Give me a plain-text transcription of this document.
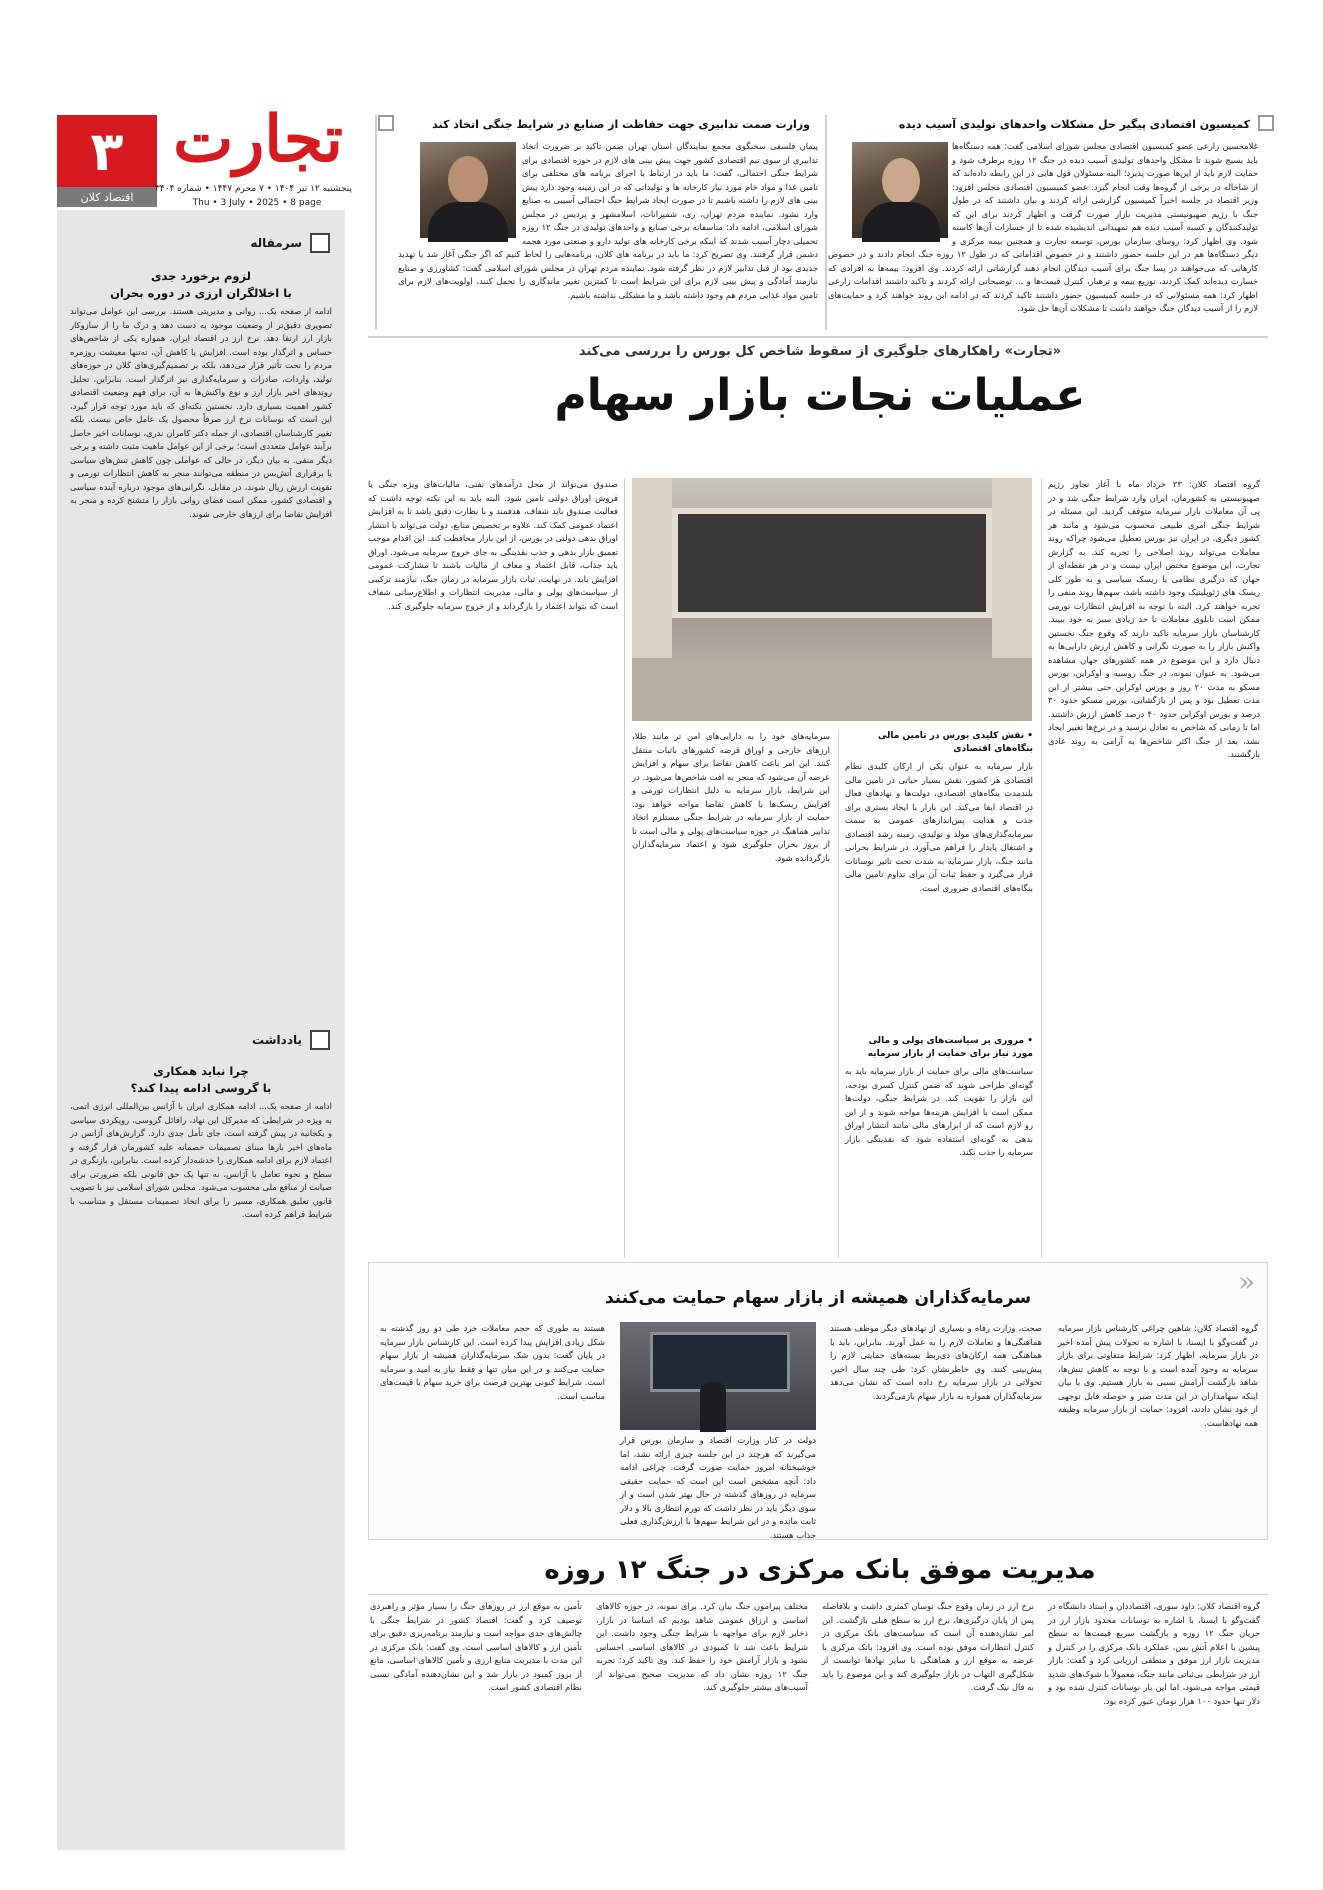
۳
اقتصاد کلان
تجارت
پنجشنبه ۱۲ تیر ۱۴۰۴ • ۷ محرم ۱۴۴۷ • شماره ۳۴۰۴
Thu • 3 July • 2025 • 8 page
کمیسیون اقتصادی پیگیر حل مشکلات واحدهای تولیدی آسیب دیده
غلامحسین زارعی عضو کمیسیون اقتصادی مجلس شورای اسلامی گفت: همه دستگاه‌ها باید بسیج شوند تا مشکل واحدهای تولیدی آسیب دیده در جنگ ۱۲ روزه برطرف شود و حمایت لازم باید از این‌ها صورت پذیرد؛ البته مسئولان قول هایی در این رابطه داده‌اند که از شاخاله در برخی از گروه‌ها وقت انجام گیرد. عضو کمیسیون اقتصادی مجلس افزود: وزیر اقتصاد در جلسه اخیراً کمیسیون گزارشی ارائه کردند و بیان داشتند که در طول جنگ با رژیم صهیونیستی مدیریت بازار صورت گرفت و اظهار کردند برای این که تولیدکنندگان و کسبه آسیب دیده هم تمهیداتی اندیشیده شده تا از خسارات آن‌ها کاسته شود. وی اظهار کرد: روسای سازمان بورس، توسعه تجارت و همچنین بیمه مرکزی و دیگر دستگاه‌ها هم در این جلسه حضور داشتند و در خصوص اقداماتی که در طول ۱۲ روزه جنگ انجام دادند و در خصوص کارهایی که می‌خواهند در پسا جنگ برای آسیب دیدگان انجام دهند گزارشاتی ارائه کردند. وی افزود: بیمه‌ها به افرادی که خسارت دیده‌اند کمک کردند، توزیع بیمه و ترهبار، کنترل قیمت‌ها و ... توضیحاتی ارائه کردند و تاکید داشتند اقدامات زارعی اظهار کرد: همه مسئولانی که در جلسه کمیسیون حضور داشتند تاکید کردند که در ادامه این روند خواهند کرد و حمایت‌های لازم را از آسیب دیدگان جنگ خواهند داشت تا مشکلات آن‌ها حل شود.
وزارت صمت تدابیری جهت حفاظت از صنایع در شرایط جنگی اتخاذ کند
پیمان فلسفی سخنگوی مجمع نمایندگان استان تهران ضمن تاکید بر ضرورت اتخاذ تدابیری از سوی تیم اقتصادی کشور جهت پیش بینی های لازم در حوزه اقتصادی برای شرایط جنگی احتمالی، گفت: ما باید در ارتباط با اجرای برنامه های مختلفی برای تامین غذا و مواد خام مورد نیاز کارخانه ها و تولیداتی که در این زمینه وجود دارد پیش بینی های لازم را داشته باشیم تا در صورت ایجاد شرایط جنگ احتمالی آسیبی به صنایع وارد نشود. نماینده مردم تهران، ری، شمیرانات، اسلامشهر و پردیس در مجلس شورای اسلامی، ادامه داد: متاسفانه برخی صنایع و واحدهای تولیدی در جنگ ۱۲ روزه تحمیلی دچار آسیب شدند که اینکه برخی کارخانه های تولید دارو و صنعتی مورد هجمه دشمن قرار گرفتند. وی تصریح کرد: ما باید در برنامه های کلان، برنامه‌هایی را لحاظ کنیم که اگر جنگی آغاز شد یا تهدید جدیدی بود از قبل تدابیر لازم در نظر گرفته شود. نماینده مردم تهران در مجلس شورای اسلامی گفت: کشاورزی و صنایع نیازمند آمادگی و پیش بینی لازم برای این شرایط است تا کمترین تغییر ماندگاری را تحمل کنند، اولویت‌های لازم برای تامین مواد غذایی مردم هم وجود داشته باشد و ما مشکلی نداشته باشیم.
سرمقاله
لزوم برخورد جدی
با اخلالگران ارزی در دوره بحران
ادامه از صفحه یک... روانی و مدیریتی هستند. بررسی این عوامل می‌تواند تصویری دقیق‌تر از وضعیت موجود به دست دهد و درک ما را از سازوکار بازار ارز ارتقا دهد. نرخ ارز در اقتصاد ایران، همواره یکی از شاخص‌های حساس و اثرگذار بوده است. افزایش یا کاهش آن، نه‌تنها معیشت روزمره مردم را تحت تأثیر قرار می‌دهد، بلکه بر تصمیم‌گیری‌های کلان در حوزه‌های تولید، واردات، صادرات و سرمایه‌گذاری نیز اثرگذار است. بنابراین، تحلیل روندهای اخیر بازار ارز و نوع واکنش‌ها به آن، برای فهم وضعیت اقتصادی کشور اهمیت بسیاری دارد. نخستین نکته‌ای که باید مورد توجه قرار گیرد، این است که نوسانات نرخ ارز صرفاً محصول یک عامل خاص نیست. بلکه تغییر کارشناسان اقتصادی، از جمله دکتر کامران ندری، نوسانات اخیر حاصل برآیند عوامل متعددی است؛ برخی از این عوامل ماهیت مثبت داشته و برخی دیگر منفی. به بیان دیگر، در حالی که عواملی چون کاهش تنش‌های سیاسی یا برقراری آتش‌بس در منطقه می‌توانند منجر به کاهش انتظارات تورمی و تقویت ارزش ریال شوند، در مقابل، نگرانی‌های موجود درباره آینده سیاسی و اقتصادی کشور، ممکن است فضای روانی بازار را متشنج کرده و منجر به افزایش تقاضا برای ارزهای خارجی شوند.
یادداشت
چرا نباید همکاری
با گروسی ادامه پیدا کند؟
ادامه از صفحه یک... ادامه همکاری ایران با آژانس بین‌المللی انرژی اتمی، به ویژه در شرایطی که مدیرکل این نهاد، رافائل گروسی، رویکردی سیاسی و یکجانبه در پیش گرفته است، جای تأمل جدی دارد. گزارش‌های آژانس در ماه‌های اخیر بارها مبنای تصمیمات خصمانه علیه کشورمان قرار گرفته و اعتماد لازم برای ادامه همکاری را خدشه‌دار کرده است. بنابراین، بازنگری در سطح و نحوه تعامل با آژانس، نه تنها یک حق قانونی بلکه ضرورتی برای صیانت از منافع ملی محسوب می‌شود. مجلس شورای اسلامی نیز با تصویب قانون تعلیق همکاری، مسیر را برای اتخاذ تصمیمات مستقل و متناسب با شرایط فراهم کرده است.
«تجارت» راهکارهای جلوگیری از سقوط شاخص کل بورس را بررسی می‌کند
عملیات نجات بازار سهام
گروه اقتصاد کلان: ۲۳ خرداد ماه با آغاز تجاوز رژیم صهیونیستی به کشورمان، ایران وارد شرایط جنگی شد و در پی آن معاملات بازار سرمایه متوقف گردید. این مسئله در شرایط جنگی امری طبیعی محسوب می‌شود و مانند هر کشور دیگری، در ایران نیز بورس تعطیل می‌شود چراکه روند معاملات می‌تواند روند اصلاحی را تجربه کند. به گزارش تجارت، این موضوع مختص ایران نیست و در هر نقطه‌ای از جهان که درگیری نظامی یا ریسک سیاسی و به طور کلی ریسک های ژئوپلیتیک وجود داشته باشد، سهم‌ها روند منفی را تجربه خواهند کرد. البته با توجه به افزایش انتظارات تورمی ممکن است تابلوی معاملات تا حد زیادی سبز به خود ببیند. کارشناسان بازار سرمایه تاکید دارند که وقوع جنگ نخستین واکنش بازار را به صورت نگرانی و کاهش ارزش دارایی‌ها به دنبال دارد و این موضوع در همه کشورهای جهان مشاهده می‌شود. به عنوان نمونه، در جنگ روسیه و اوکراین، بورس مسکو به مدت ۲۰ روز و بورس اوکراین حتی بیشتر از این مدت تعطیل بود و پس از بازگشایی، بورس مسکو حدود ۳۰ درصد و بورس اوکراین حدود ۴۰ درصد کاهش ارزش داشتند. اما تا زمانی که شاخص به تعادل نرسید و در نرخ‌ها تغییر ایجاد نشد، بعد از جنگ اکثر شاخص‌ها به آرامی به روند عادی بازگشتند.
• نقش کلیدی بورس در تامین مالی بنگاه‌های اقتصادی
بازار سرمایه به عنوان یکی از ارکان کلیدی نظام اقتصادی هر کشور، نقش بسیار حیاتی در تامین مالی بلندمدت بنگاه‌های اقتصادی، دولت‌ها و نهادهای فعال در اقتصاد ایفا می‌کند. این بازار با ایجاد بستری برای جذب و هدایت پس‌اندازهای عمومی به سمت سرمایه‌گذاری‌های مولد و تولیدی، زمینه رشد اقتصادی و اشتغال پایدار را فراهم می‌آورد. در شرایط بحرانی مانند جنگ، بازار سرمایه به شدت تحت تاثیر نوسانات قرار می‌گیرد و حفظ ثبات آن برای تداوم تامین مالی بنگاه‌های اقتصادی ضروری است.
• مروری بر سیاست‌های پولی و مالی مورد نیاز برای حمایت از بازار سرمایه
سیاست‌های مالی برای حمایت از بازار سرمایه باید به گونه‌ای طراحی شوند که ضمن کنترل کسری بودجه، این بازار را تقویت کند. در شرایط جنگی، دولت‌ها ممکن است با افزایش هزینه‌ها مواجه شوند و از این رو لازم است که از ابزارهای مالی مانند انتشار اوراق بدهی به گونه‌ای استفاده شود که نقدینگی بازار سرمایه را جذب نکند.
سرمایه‌های خود را به دارایی‌های امن تر مانند طلا، ارزهای خارجی و اوراق قرضه کشورهای باثبات منتقل کنند. این امر باعث کاهش تقاضا برای سهام و افزایش عرضه آن می‌شود که منجر به افت شاخص‌ها می‌شود. در این شرایط، بازار سرمایه به دلیل انتظارات تورمی و افزایش ریسک‌ها با کاهش تقاضا مواجه خواهد بود. حمایت از بازار سرمایه در شرایط جنگی مستلزم اتخاذ تدابیر هماهنگ در حوزه سیاست‌های پولی و مالی است تا از بروز بحران جلوگیری شود و اعتماد سرمایه‌گذاران بازگردانده شود.
صندوق می‌تواند از محل درآمدهای نفتی، مالیات‌های ویژه جنگی یا فروش اوراق دولتی تامین شود. البته باید به این نکته توجه داشت که فعالیت صندوق باید شفاف، هدفمند و با نظارت دقیق باشد تا به افزایش اعتماد عمومی کمک کند. علاوه بر تخصیص منابع، دولت می‌تواند با انتشار اوراق بدهی دولتی در بورس، از این بازار محافظت کند. این اقدام موجب تعمیق بازار بدهی و جذب نقدینگی به جای خروج سرمایه می‌شود. اوراق باید جذاب، قابل اعتماد و معاف از مالیات باشند تا مشارکت عمومی افزایش یابد. در نهایت، ثبات بازار سرمایه در زمان جنگ، نیازمند ترکیبی از سیاست‌های پولی و مالی، مدیریت انتظارات و اطلاع‌رسانی شفاف است که بتواند اعتماد را بازگرداند و از خروج سرمایه جلوگیری کند.
«
سرمایه‌گذاران همیشه از بازار سهام حمایت می‌کنند
گروه اقتصاد کلان: شاهین چراغی کارشناس بازار سرمایه در گفت‌وگو با ایسنا، با اشاره به تحولات پیش آمده اخیر در بازار سرمایه، اظهار کرد: شرایط متفاوتی برای بازار سرمایه به وجود آمده است و با توجه به کاهش تنش‌ها، شاهد بازگشت آرامش نسبی به بازار هستیم. وی با بیان اینکه سهامداران در این مدت صبر و حوصله قابل توجهی از خود نشان دادند، افزود: حمایت از بازار سرمایه وظیفه همه نهادهاست.
صحت، وزارت رفاه و بسیاری از نهادهای دیگر موظف هستند هماهنگی‌ها و تعاملات لازم را به عمل آورند. بنابراین، باید با هماهنگی همه ارکان‌های ذی‌ربط بسته‌های حمایتی لازم را پیش‌بینی کنند. وی خاطرنشان کرد: طی چند سال اخیر، تحولاتی در بازار سرمایه رخ داده است که نشان می‌دهد سرمایه‌گذاران همواره به بازار سهام بازمی‌گردند.
دولت در کنار وزارت اقتصاد و سازمان بورس قرار می‌گیرند که هرچند در این جلسه چیزی ارائه نشد، اما خوشبختانه امروز حمایت صورت گرفت. چراغی ادامه داد: آنچه مشخص است این است که حمایت حقیقی سرمایه در روزهای گذشته در حال بهتر شدن است و از سوی دیگر باید در نظر داشت که تورم انتظاری بالا و دلار ثابت مانده و در این شرایط سهم‌ها با ارزش‌گذاری فعلی جذاب هستند.
هستند به طوری که حجم معاملات خرد طی دو روز گذشته به شکل زیادی افزایش پیدا کرده است. این کارشناس بازار سرمایه در پایان گفت: بدون شک سرمایه‌گذاران همیشه از بازار سهام حمایت می‌کنند و در این میان تنها و فقط نیاز به امید و سرمایه است. شرایط کنونی بهترین فرصت برای خرید سهام با قیمت‌های مناسب است.
مدیریت موفق بانک مرکزی در جنگ ۱۲ روزه
گروه اقتصاد کلان: داود سوری، اقتصاددان و استاد دانشگاه در گفت‌وگو با ایسنا، با اشاره به نوسانات محدود بازار ارز در جریان جنگ ۱۲ روزه و بازگشت سریع قیمت‌ها به سطح پیشین با اعلام آتش بس، عملکرد بانک مرکزی را در کنترل و مدیریت بازار ارز موفق و منطقی ارزیابی کرد و گفت: بازار ارز در شرایطی بی‌ثباتی مانند جنگ، معمولاً با شوک‌های شدید قیمتی مواجه می‌شود، اما این بار نوسانات کنترل شده بود و دلار تنها حدود ۱۰۰ هزار تومان عبور کرده بود.
نرخ ارز در زمان وقوع جنگ نوسان کمتری داشت و بلافاصله پس از پایان درگیری‌ها، نرخ ارز به سطح قبلی بازگشت. این امر نشان‌دهنده آن است که سیاست‌های بانک مرکزی در کنترل انتظارات موفق بوده است. وی افزود: بانک مرکزی با عرضه به موقع ارز و هماهنگی با سایر نهادها توانست از شکل‌گیری التهاب در بازار جلوگیری کند و این موضوع را باید به فال نیک گرفت.
مختلف پیرامون جنگ بیان کرد. برای نمونه، در حوزه کالاهای اساسی و ارزاق عمومی شاهد بودیم که اساسا در بازار، ذخایر لازم برای مواجهه با شرایط جنگی وجود داشت. این شرایط باعث شد تا کمبودی در کالاهای اساسی احساس نشود و بازار آرامش خود را حفظ کند. وی تاکید کرد: تجربه جنگ ۱۲ روزه نشان داد که مدیریت صحیح می‌تواند از آسیب‌های بیشتر جلوگیری کند.
تأمین به موقع ارز در روزهای جنگ را بسیار مؤثر و راهبردی توصیف کرد و گفت: اقتصاد کشور در شرایط جنگی با چالش‌های جدی مواجه است و نیازمند برنامه‌ریزی دقیق برای تأمین ارز و کالاهای اساسی است. وی گفت: بانک مرکزی در این مدت با مدیریت منابع ارزی و تأمین کالاهای اساسی، مانع از بروز کمبود در بازار شد و این نشان‌دهنده آمادگی نسبی نظام اقتصادی کشور است.
